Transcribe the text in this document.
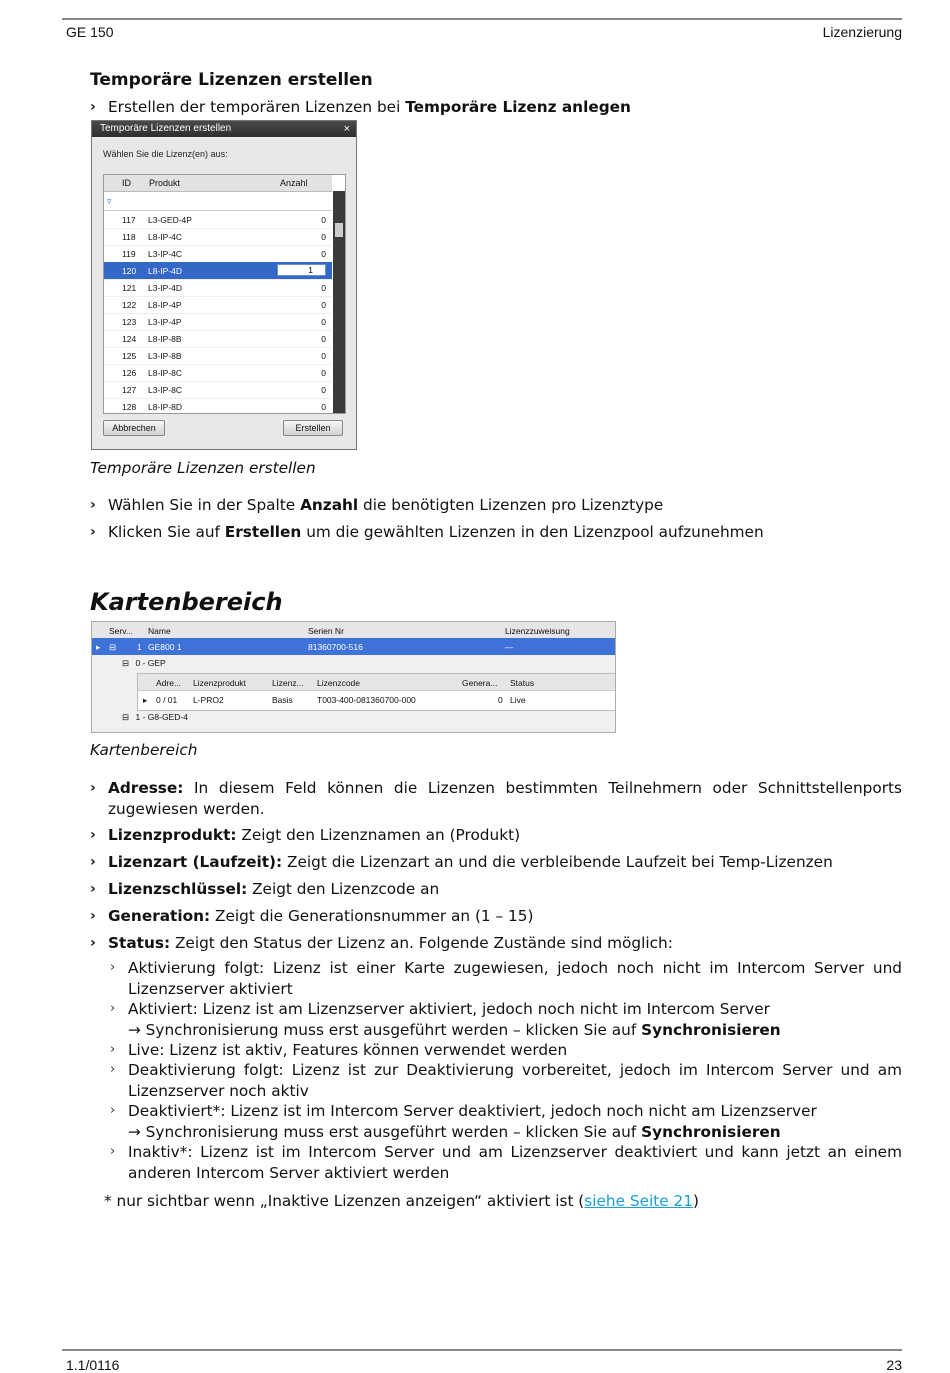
GE 150	Lizenzierung
Temporäre Lizenzen erstellen
› Erstellen der temporären Lizenzen bei Temporäre Lizenz anlegen
Temporäre Lizenzen erstellen	×
Wählen Sie die Lizenz(en) aus:
ID Produkt	Anzahl
▿
117 L3-GED-4P	0
118 L8-IP-4C	0
119 L3-IP-4C	0
120 L8-IP-4D	1
121 L3-IP-4D	0
122 L8-IP-4P	0
123 L3-IP-4P	0
124 L8-IP-8B	0
125 L3-IP-8B	0
126 L8-IP-8C	0
127 L3-IP-8C	0
128 L8-IP-8D	0
Abbrechen	Erstellen
Temporäre Lizenzen erstellen
› Wählen Sie in der Spalte Anzahl die benötigten Lizenzen pro Lizenztype
› Klicken Sie auf Erstellen um die gewählten Lizenzen in den Lizenzpool aufzunehmen
Kartenbereich
Serv... Name	Serien Nr	Lizenzzuweisung
▸ ⊟ 1 GE800 1	81360700-516	---
⊟ 0 - GEP
Adre... Lizenzprodukt	Lizenz... Lizenzcode	Genera... Status
▸ 0 / 01 L-PRO2	Basis	T003-400-081360700-000	0 Live
⊟ 1 - G8-GED-4
Kartenbereich
› Adresse: In diesem Feld können die Lizenzen bestimmten Teilnehmern oder Schnittstellenports zugewiesen werden.
› Lizenzprodukt: Zeigt den Lizenznamen an (Produkt)
› Lizenzart (Laufzeit): Zeigt die Lizenzart an und die verbleibende Laufzeit bei Temp-Lizenzen
› Lizenzschlüssel: Zeigt den Lizenzcode an
› Generation: Zeigt die Generationsnummer an (1 – 15)
› Status: Zeigt den Status der Lizenz an. Folgende Zustände sind möglich:
› Aktivierung folgt: Lizenz ist einer Karte zugewiesen, jedoch noch nicht im Intercom Server und Lizenzserver aktiviert
› Aktiviert: Lizenz ist am Lizenzserver aktiviert, jedoch noch nicht im Intercom Server
→ Synchronisierung muss erst ausgeführt werden – klicken Sie auf Synchronisieren
› Live: Lizenz ist aktiv, Features können verwendet werden
› Deaktivierung folgt: Lizenz ist zur Deaktivierung vorbereitet, jedoch im Intercom Server und am Lizenzserver noch aktiv
› Deaktiviert*: Lizenz ist im Intercom Server deaktiviert, jedoch noch nicht am Lizenzserver
→ Synchronisierung muss erst ausgeführt werden – klicken Sie auf Synchronisieren
› Inaktiv*: Lizenz ist im Intercom Server und am Lizenzserver deaktiviert und kann jetzt an einem anderen Intercom Server aktiviert werden
* nur sichtbar wenn „Inaktive Lizenzen anzeigen“ aktiviert ist (siehe Seite 21)
1.1/0116	23
